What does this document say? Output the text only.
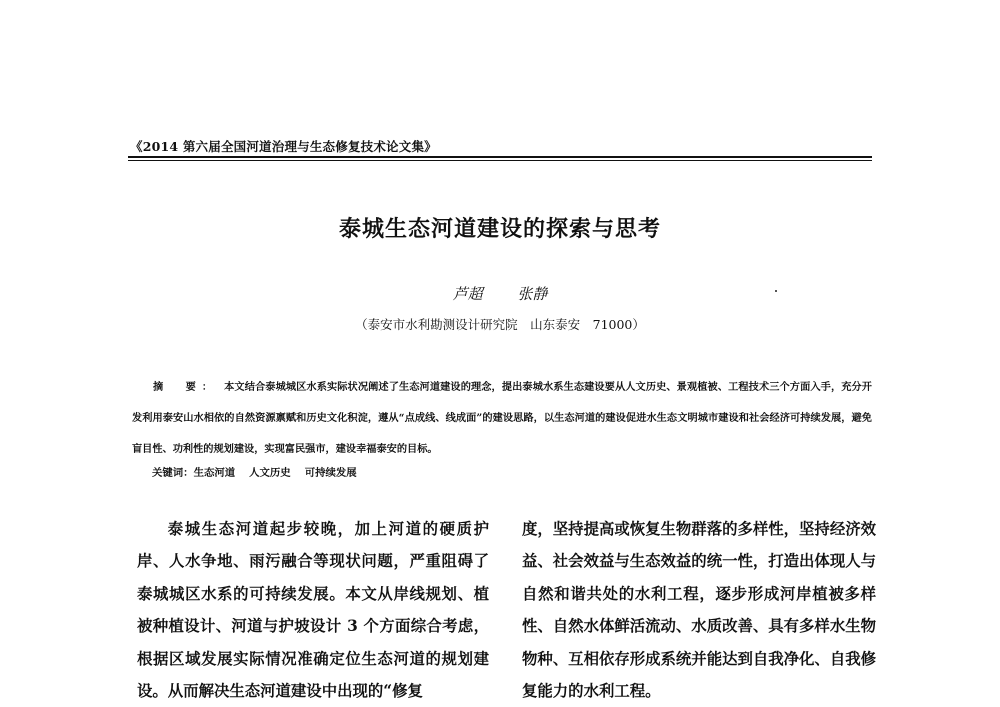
《2014 第六届全国河道治理与生态修复技术论文集》
泰城生态河道建设的探索与思考
芦超 张静
（泰安市水利勘测设计研究院　山东泰安　71000）
摘　要： 本文结合泰城城区水系实际状况阐述了生态河道建设的理念，提出泰城水系生态建设要从人文历史、景观植被、工程技术三个方面入手，充分开发利用泰安山水相依的自然资源禀赋和历史文化积淀，遵从“点成线、线成面”的建设思路，以生态河道的建设促进水生态文明城市建设和社会经济可持续发展，避免盲目性、功利性的规划建设，实现富民强市，建设幸福泰安的目标。
关键词：生态河道 人文历史 可持续发展
泰城生态河道起步较晚，加上河道的硬质护岸、人水争地、雨污融合等现状问题，严重阻碍了泰城城区水系的可持续发展。本文从岸线规划、植被种植设计、河道与护坡设计 3 个方面综合考虑，根据区域发展实际情况准确定位生态河道的规划建设。从而解决生态河道建设中出现的“修复
度，坚持提高或恢复生物群落的多样性，坚持经济效益、社会效益与生态效益的统一性，打造出体现人与自然和谐共处的水利工程，逐步形成河岸植被多样性、自然水体鲜活流动、水质改善、具有多样水生物物种、互相依存形成系统并能达到自我净化、自我修复能力的水利工程。
